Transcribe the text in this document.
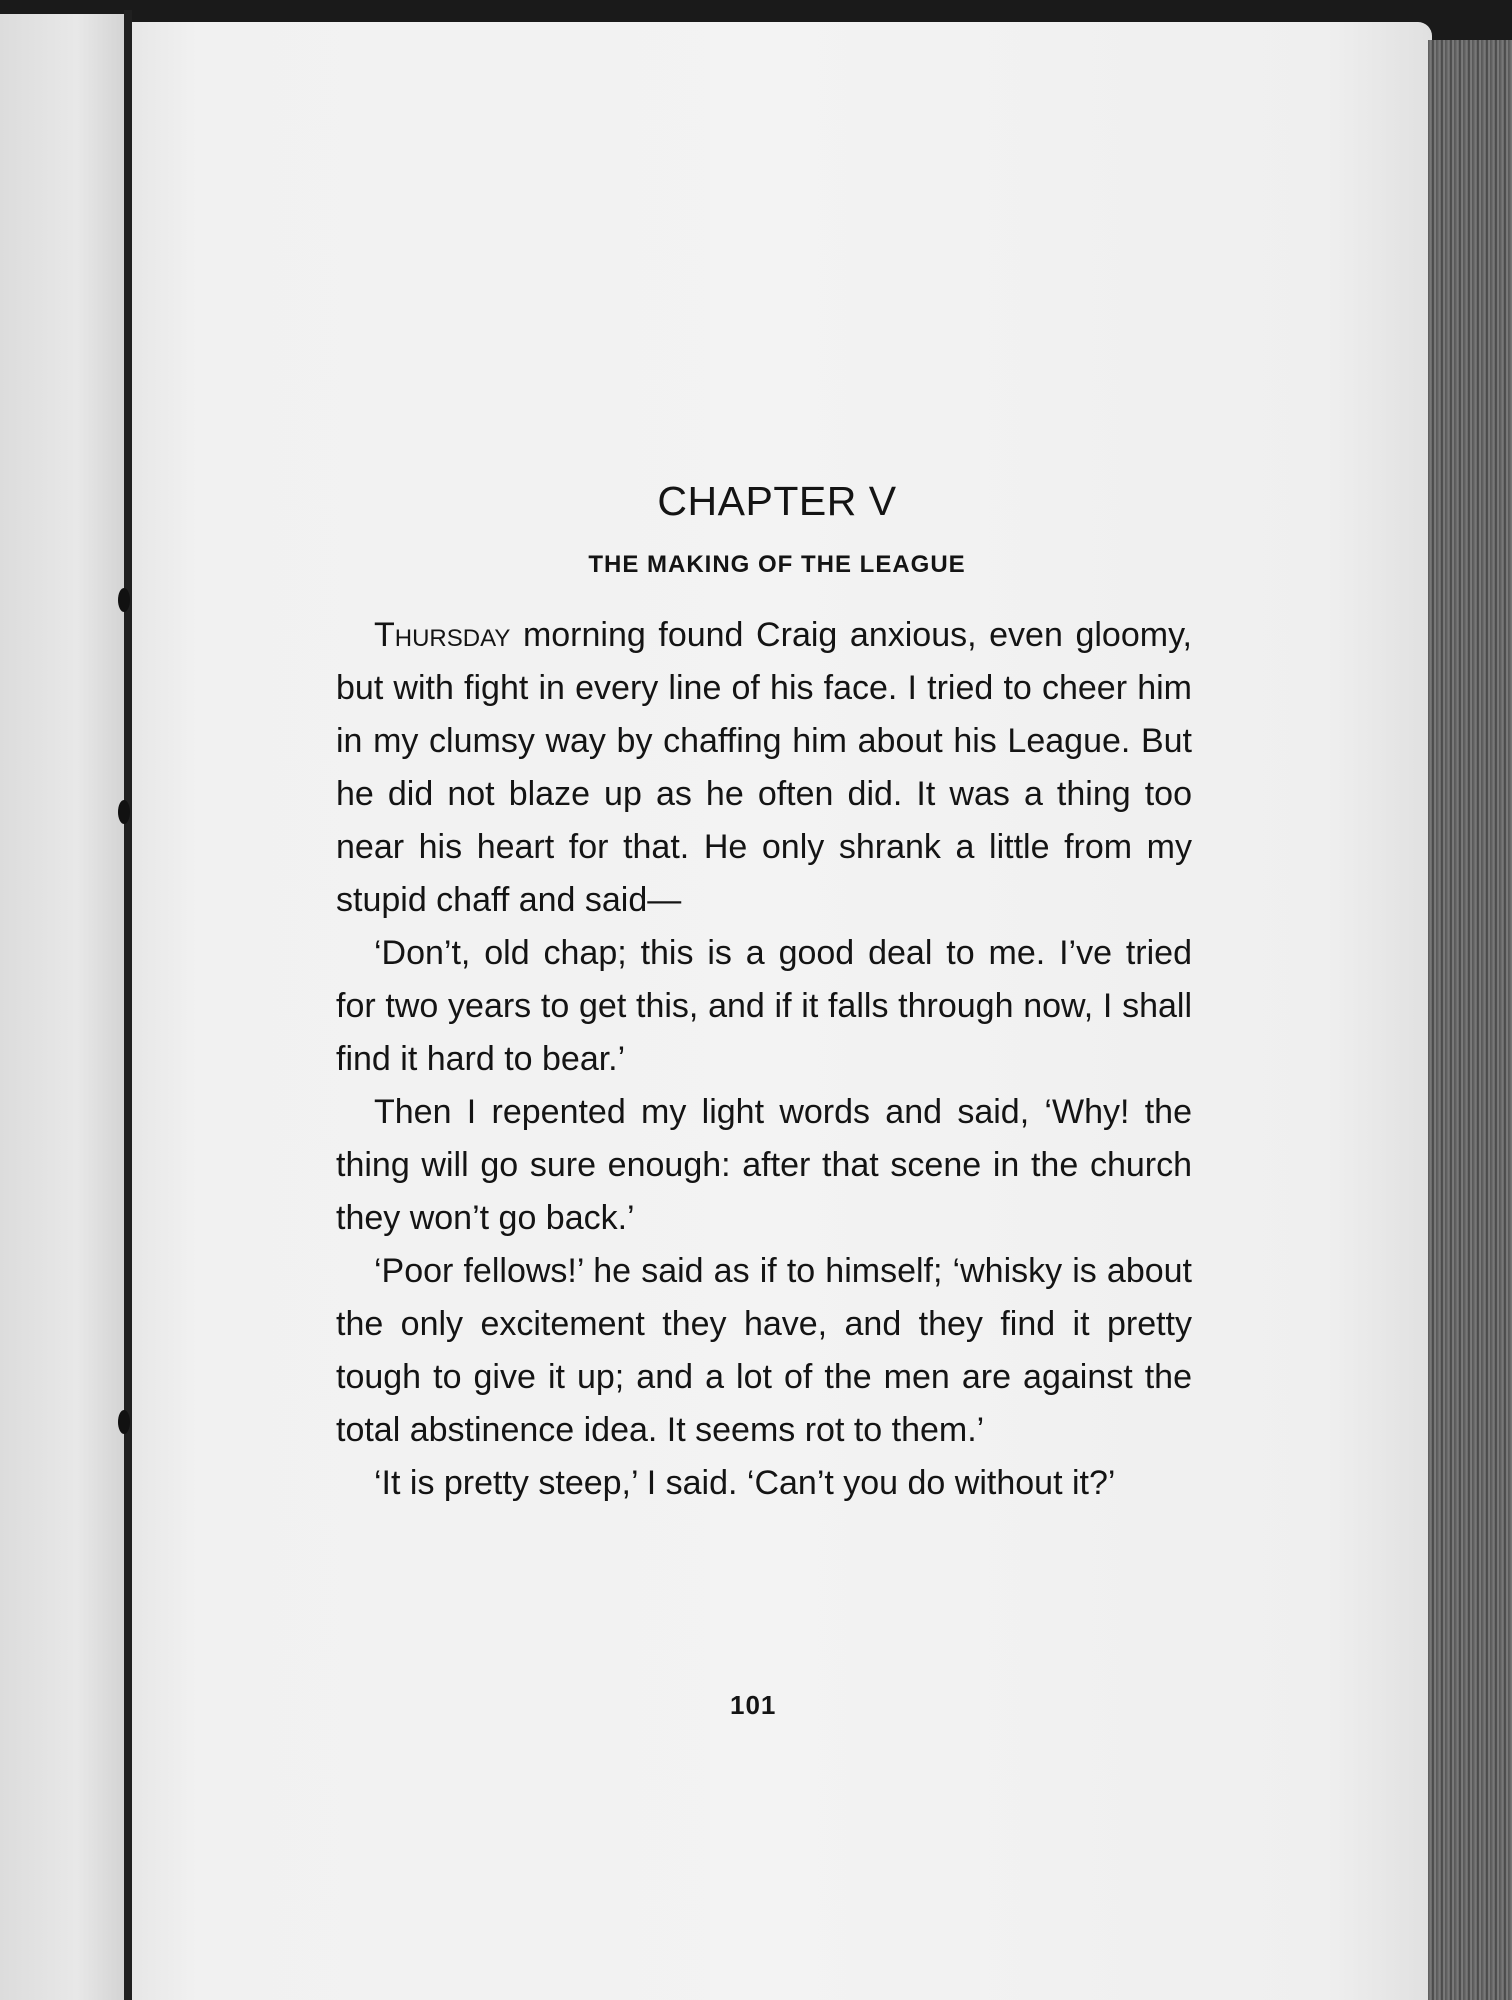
CHAPTER V
THE MAKING OF THE LEAGUE

Thursday morning found Craig anxious, even gloomy, but with fight in every line of his face. I tried to cheer him in my clumsy way by chaffing him about his League. But he did not blaze up as he often did. It was a thing too near his heart for that. He only shrank a little from my stupid chaff and said—

‘Don’t, old chap; this is a good deal to me. I’ve tried for two years to get this, and if it falls through now, I shall find it hard to bear.’

Then I repented my light words and said, ‘Why! the thing will go sure enough: after that scene in the church they won’t go back.’

‘Poor fellows!’ he said as if to himself; ‘whisky is about the only excitement they have, and they find it pretty tough to give it up; and a lot of the men are against the total abstinence idea. It seems rot to them.’

‘It is pretty steep,’ I said. ‘Can’t you do without it?’

101
